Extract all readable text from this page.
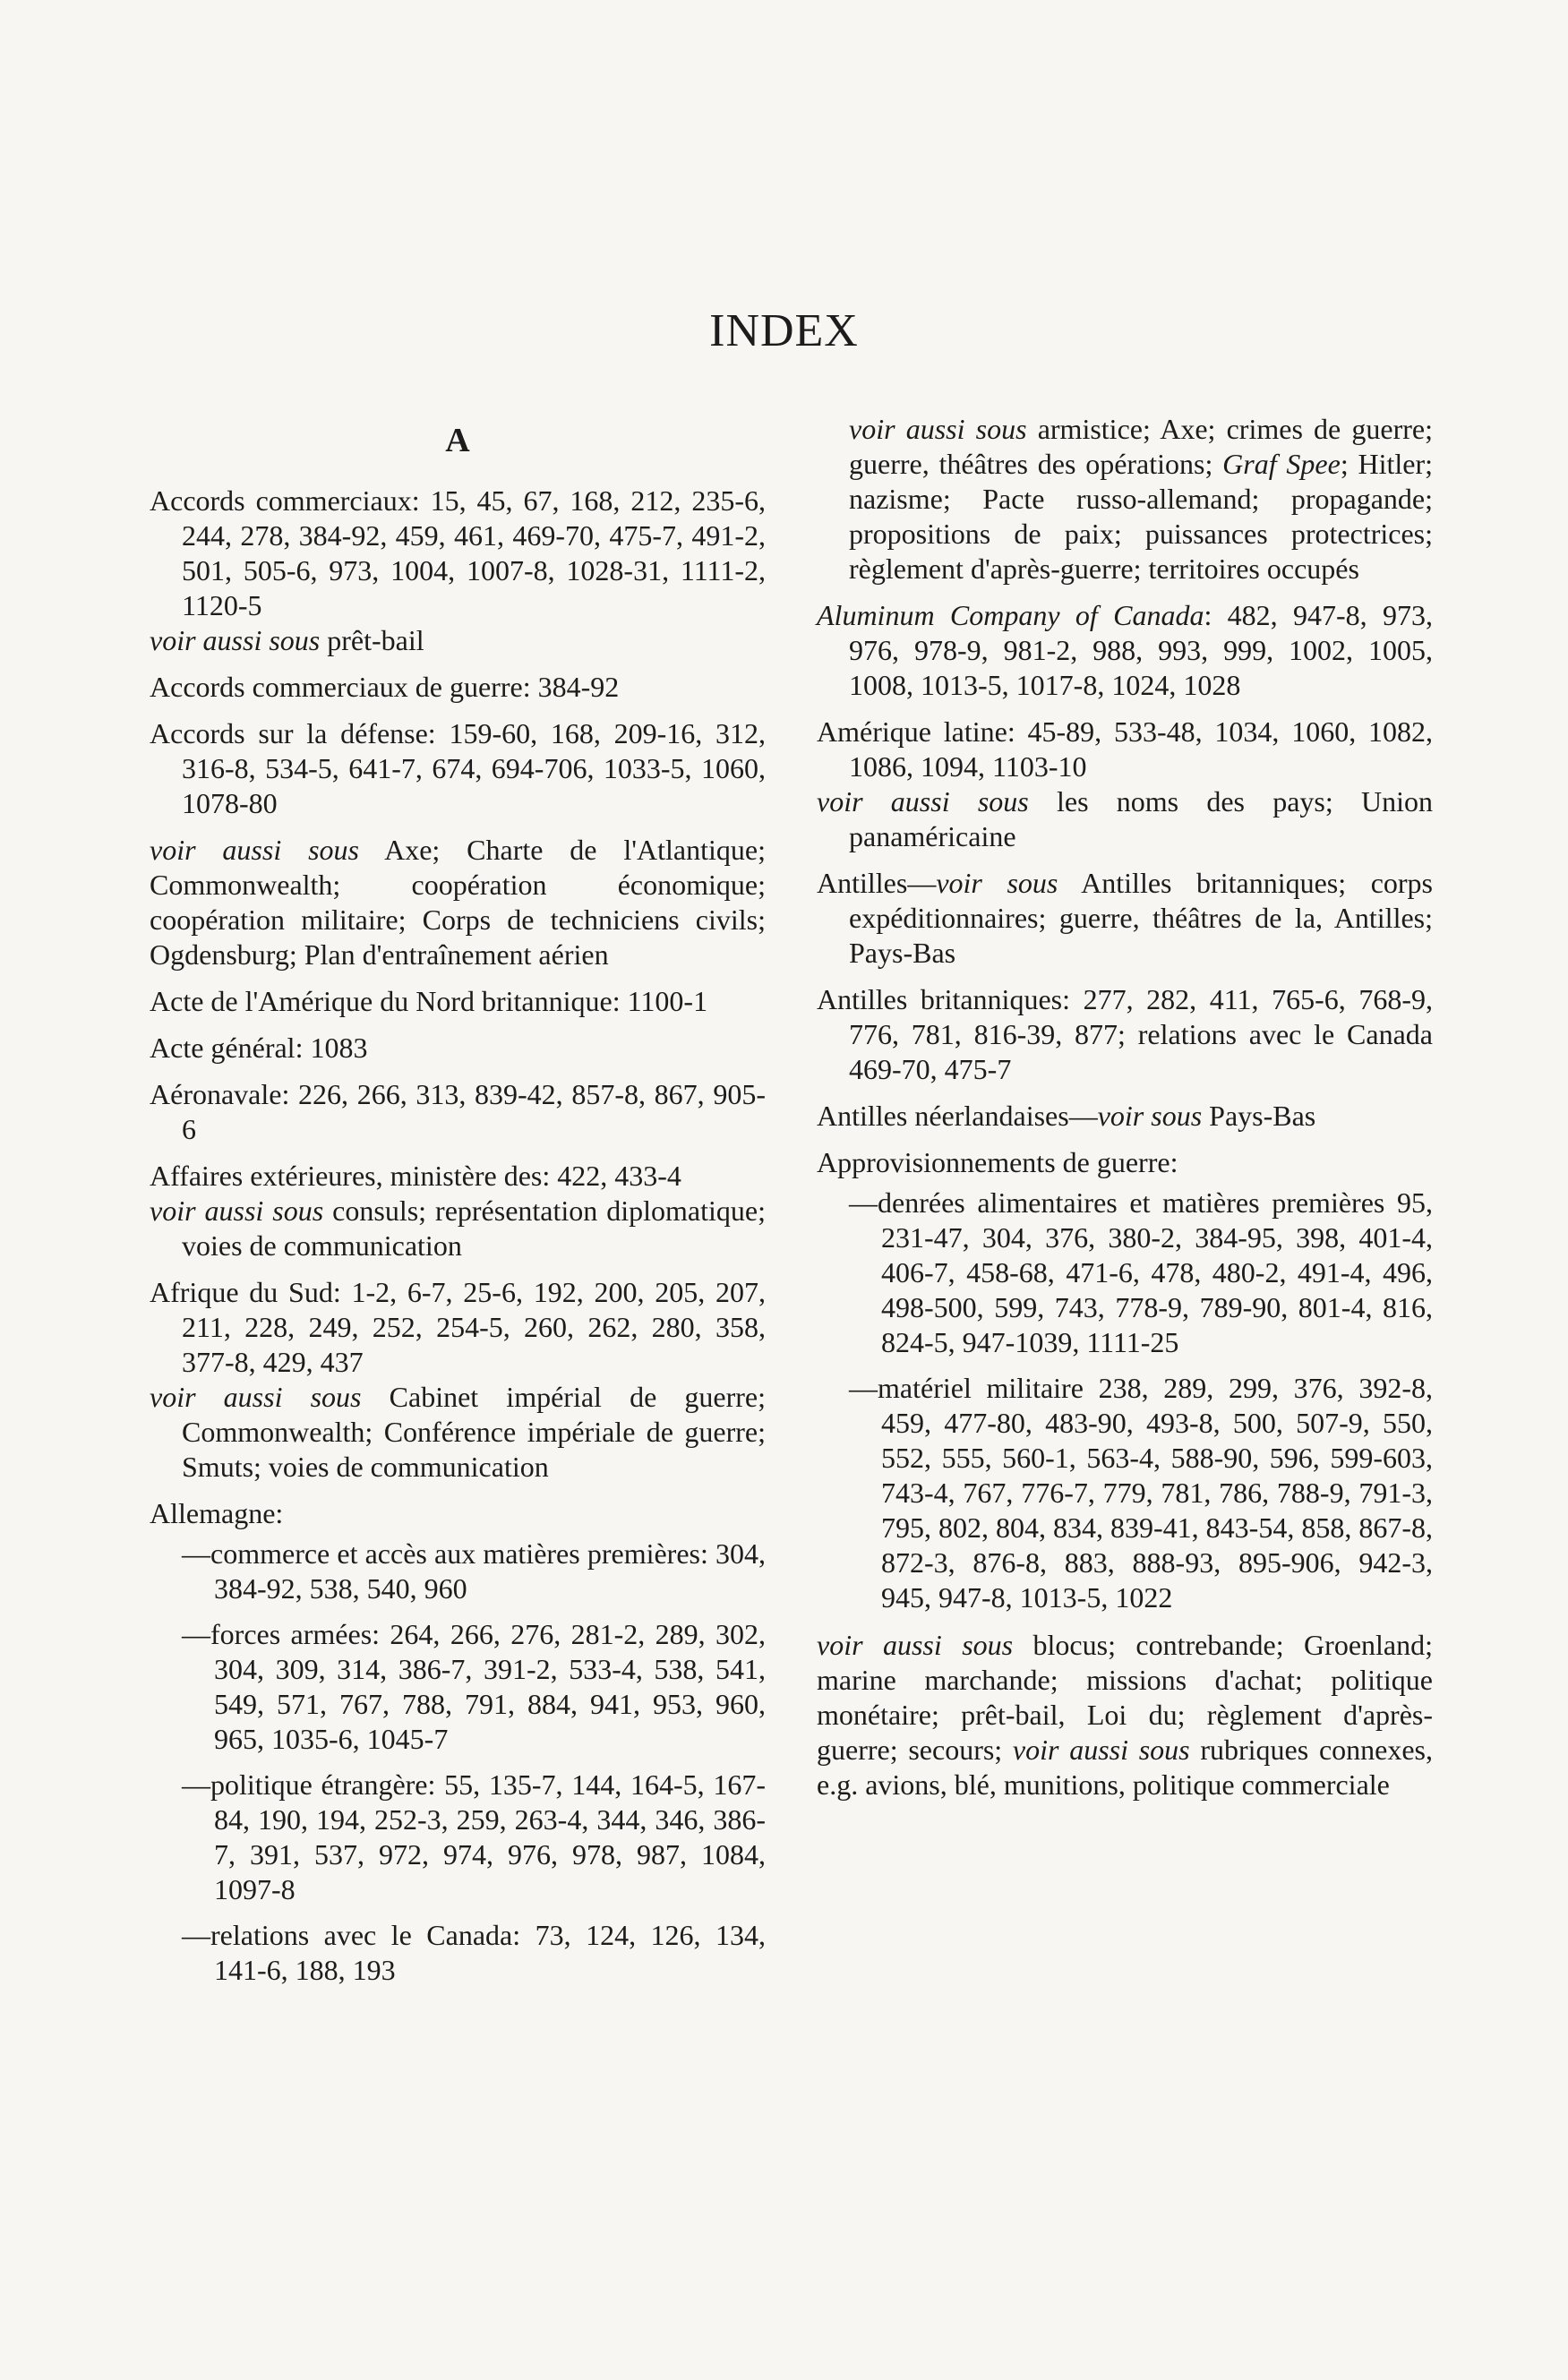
INDEX
A
Accords commerciaux: 15, 45, 67, 168, 212, 235-6, 244, 278, 384-92, 459, 461, 469-70, 475-7, 491-2, 501, 505-6, 973, 1004, 1007-8, 1028-31, 1111-2, 1120-5
voir aussi sous prêt-bail
Accords commerciaux de guerre: 384-92
Accords sur la défense: 159-60, 168, 209-16, 312, 316-8, 534-5, 641-7, 674, 694-706, 1033-5, 1060, 1078-80
voir aussi sous Axe; Charte de l'Atlantique; Commonwealth; coopération économique; coopération militaire; Corps de techniciens civils; Ogdensburg; Plan d'entraînement aérien
Acte de l'Amérique du Nord britannique: 1100-1
Acte général: 1083
Aéronavale: 226, 266, 313, 839-42, 857-8, 867, 905-6
Affaires extérieures, ministère des: 422, 433-4
voir aussi sous consuls; représentation diplomatique; voies de communication
Afrique du Sud: 1-2, 6-7, 25-6, 192, 200, 205, 207, 211, 228, 249, 252, 254-5, 260, 262, 280, 358, 377-8, 429, 437
voir aussi sous Cabinet impérial de guerre; Commonwealth; Conférence impériale de guerre; Smuts; voies de communication
Allemagne:
—commerce et accès aux matières premières: 304, 384-92, 538, 540, 960
—forces armées: 264, 266, 276, 281-2, 289, 302, 304, 309, 314, 386-7, 391-2, 533-4, 538, 541, 549, 571, 767, 788, 791, 884, 941, 953, 960, 965, 1035-6, 1045-7
—politique étrangère: 55, 135-7, 144, 164-5, 167-84, 190, 194, 252-3, 259, 263-4, 344, 346, 386-7, 391, 537, 972, 974, 976, 978, 987, 1084, 1097-8
—relations avec le Canada: 73, 124, 126, 134, 141-6, 188, 193
voir aussi sous armistice; Axe; crimes de guerre; guerre, théâtres des opérations; Graf Spee; Hitler; nazisme; Pacte russo-allemand; propagande; propositions de paix; puissances protectrices; règlement d'après-guerre; territoires occupés
Aluminum Company of Canada: 482, 947-8, 973, 976, 978-9, 981-2, 988, 993, 999, 1002, 1005, 1008, 1013-5, 1017-8, 1024, 1028
Amérique latine: 45-89, 533-48, 1034, 1060, 1082, 1086, 1094, 1103-10
voir aussi sous les noms des pays; Union panaméricaine
Antilles—voir sous Antilles britanniques; corps expéditionnaires; guerre, théâtres de la, Antilles; Pays-Bas
Antilles britanniques: 277, 282, 411, 765-6, 768-9, 776, 781, 816-39, 877; relations avec le Canada 469-70, 475-7
Antilles néerlandaises—voir sous Pays-Bas
Approvisionnements de guerre:
—denrées alimentaires et matières premières 95, 231-47, 304, 376, 380-2, 384-95, 398, 401-4, 406-7, 458-68, 471-6, 478, 480-2, 491-4, 496, 498-500, 599, 743, 778-9, 789-90, 801-4, 816, 824-5, 947-1039, 1111-25
—matériel militaire 238, 289, 299, 376, 392-8, 459, 477-80, 483-90, 493-8, 500, 507-9, 550, 552, 555, 560-1, 563-4, 588-90, 596, 599-603, 743-4, 767, 776-7, 779, 781, 786, 788-9, 791-3, 795, 802, 804, 834, 839-41, 843-54, 858, 867-8, 872-3, 876-8, 883, 888-93, 895-906, 942-3, 945, 947-8, 1013-5, 1022
voir aussi sous blocus; contrebande; Groenland; marine marchande; missions d'achat; politique monétaire; prêt-bail, Loi du; règlement d'après-guerre; secours; voir aussi sous rubriques connexes, e.g. avions, blé, munitions, politique commerciale
